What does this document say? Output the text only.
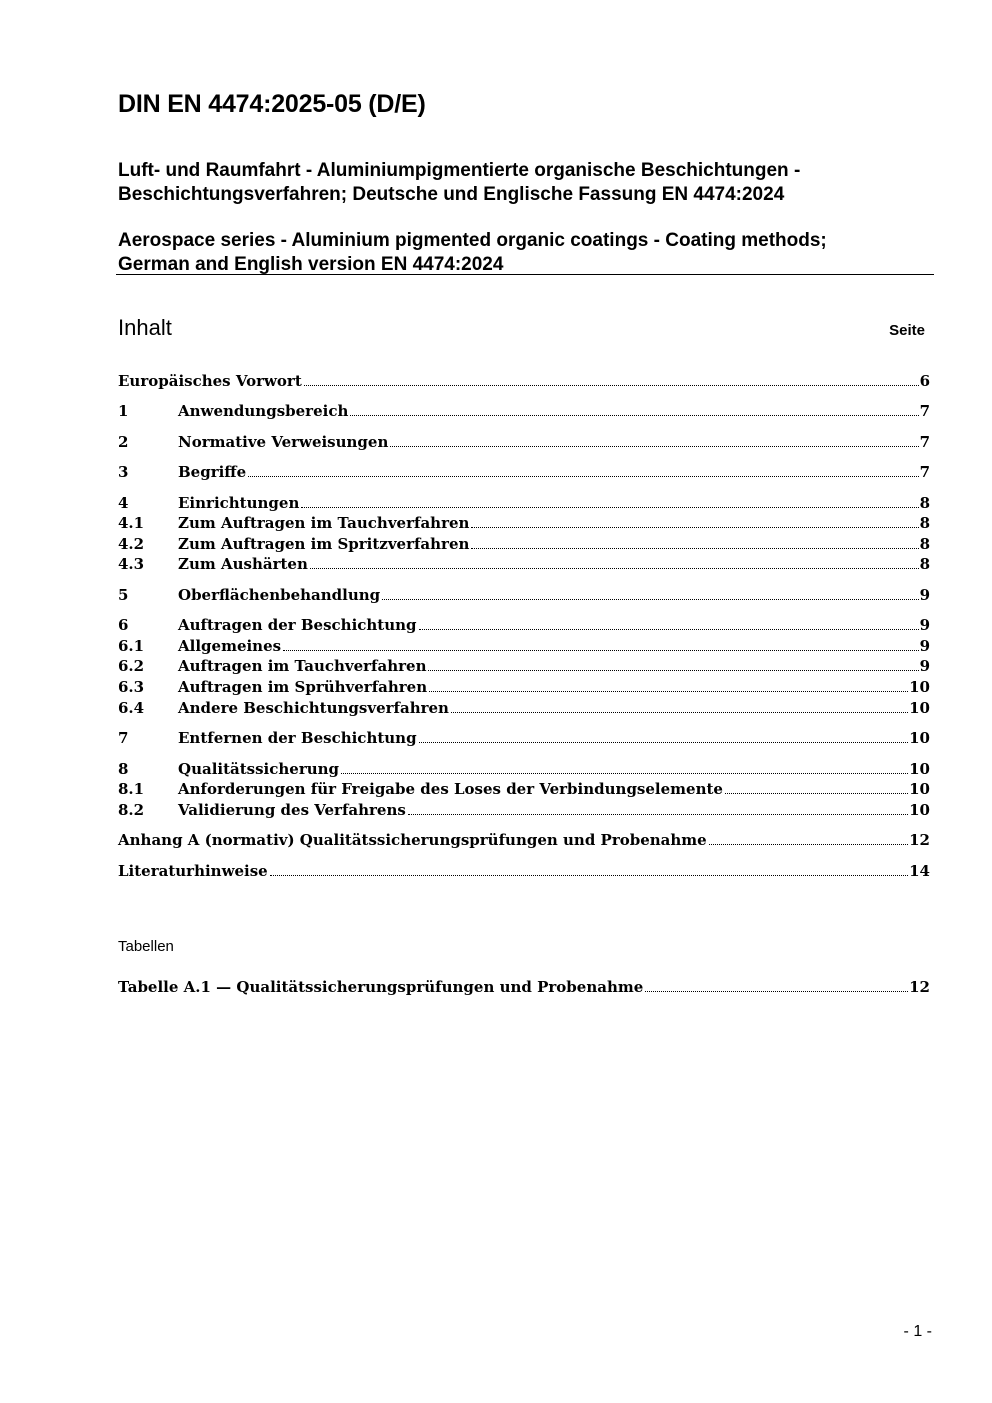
DIN EN 4474:2025-05 (D/E)
Luft- und Raumfahrt - Aluminiumpigmentierte organische Beschichtungen -
Beschichtungsverfahren; Deutsche und Englische Fassung EN 4474:2024
Aerospace series - Aluminium pigmented organic coatings - Coating methods;
German and English version EN 4474:2024
Inhalt	Seite
Europäisches Vorwort	6
1	Anwendungsbereich	7
2	Normative Verweisungen	7
3	Begriffe	7
4	Einrichtungen	8
4.1	Zum Auftragen im Tauchverfahren	8
4.2	Zum Auftragen im Spritzverfahren	8
4.3	Zum Aushärten	8
5	Oberflächenbehandlung	9
6	Auftragen der Beschichtung	9
6.1	Allgemeines	9
6.2	Auftragen im Tauchverfahren	9
6.3	Auftragen im Sprühverfahren	10
6.4	Andere Beschichtungsverfahren	10
7	Entfernen der Beschichtung	10
8	Qualitätssicherung	10
8.1	Anforderungen für Freigabe des Loses der Verbindungselemente	10
8.2	Validierung des Verfahrens	10
Anhang A (normativ) Qualitätssicherungsprüfungen und Probenahme	12
Literaturhinweise	14
Tabellen
Tabelle A.1 — Qualitätssicherungsprüfungen und Probenahme	12
- 1 -
